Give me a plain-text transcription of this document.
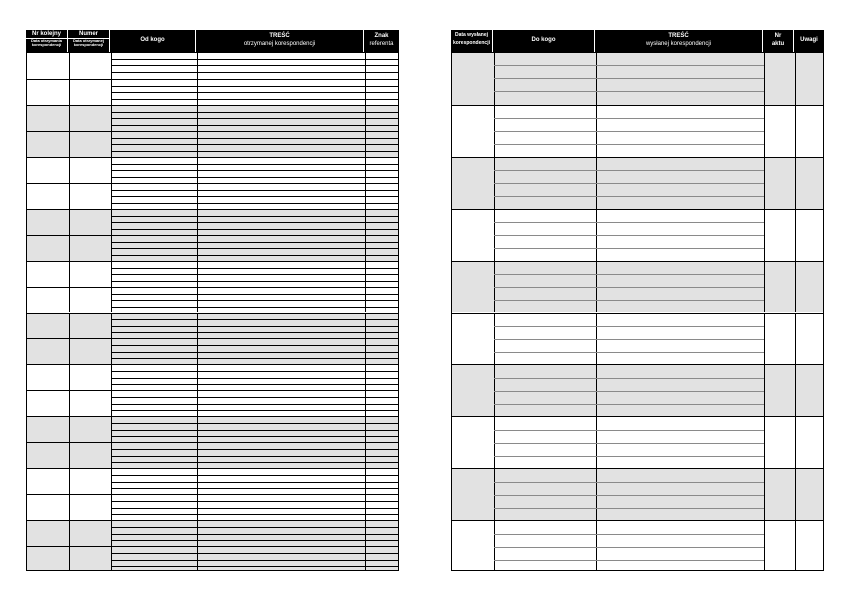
Nr kolejny
Data otrzymania korespondencji
Numer
Data otrzymanej korespondencji
Od kogo
TREŚĆ
otrzymanej korespondencji
Znak
referenta
Data wysłanej
korespondencji	Do kogo
TREŚĆ
wysłanej korespondencji
Nr
aktu
Uwagi
